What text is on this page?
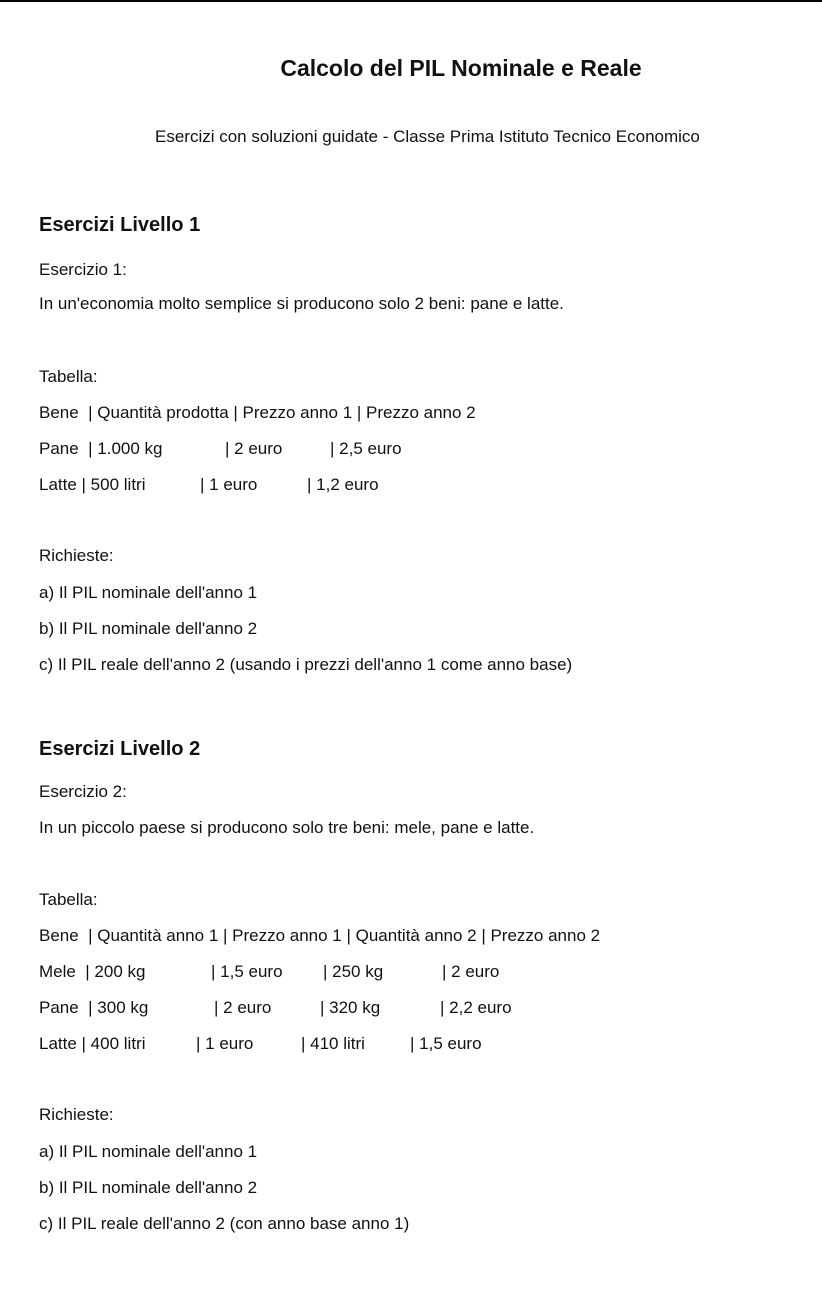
Calcolo del PIL Nominale e Reale
Esercizi con soluzioni guidate - Classe Prima Istituto Tecnico Economico
Esercizi Livello 1
Esercizio 1:
In un'economia molto semplice si producono solo 2 beni: pane e latte.
Tabella:
Bene  | Quantità prodotta | Prezzo anno 1 | Prezzo anno 2
Pane  | 1.000 kg	| 2 euro	| 2,5 euro
Latte | 500 litri	| 1 euro	| 1,2 euro
Richieste:
a) Il PIL nominale dell'anno 1
b) Il PIL nominale dell'anno 2
c) Il PIL reale dell'anno 2 (usando i prezzi dell'anno 1 come anno base)
Esercizi Livello 2
Esercizio 2:
In un piccolo paese si producono solo tre beni: mele, pane e latte.
Tabella:
Bene  | Quantità anno 1 | Prezzo anno 1 | Quantità anno 2 | Prezzo anno 2
Mele  | 200 kg	| 1,5 euro | 250 kg	| 2 euro
Pane  | 300 kg	| 2 euro	| 320 kg	| 2,2 euro
Latte | 400 litri	| 1 euro	| 410 litri	| 1,5 euro
Richieste:
a) Il PIL nominale dell'anno 1
b) Il PIL nominale dell'anno 2
c) Il PIL reale dell'anno 2 (con anno base anno 1)
